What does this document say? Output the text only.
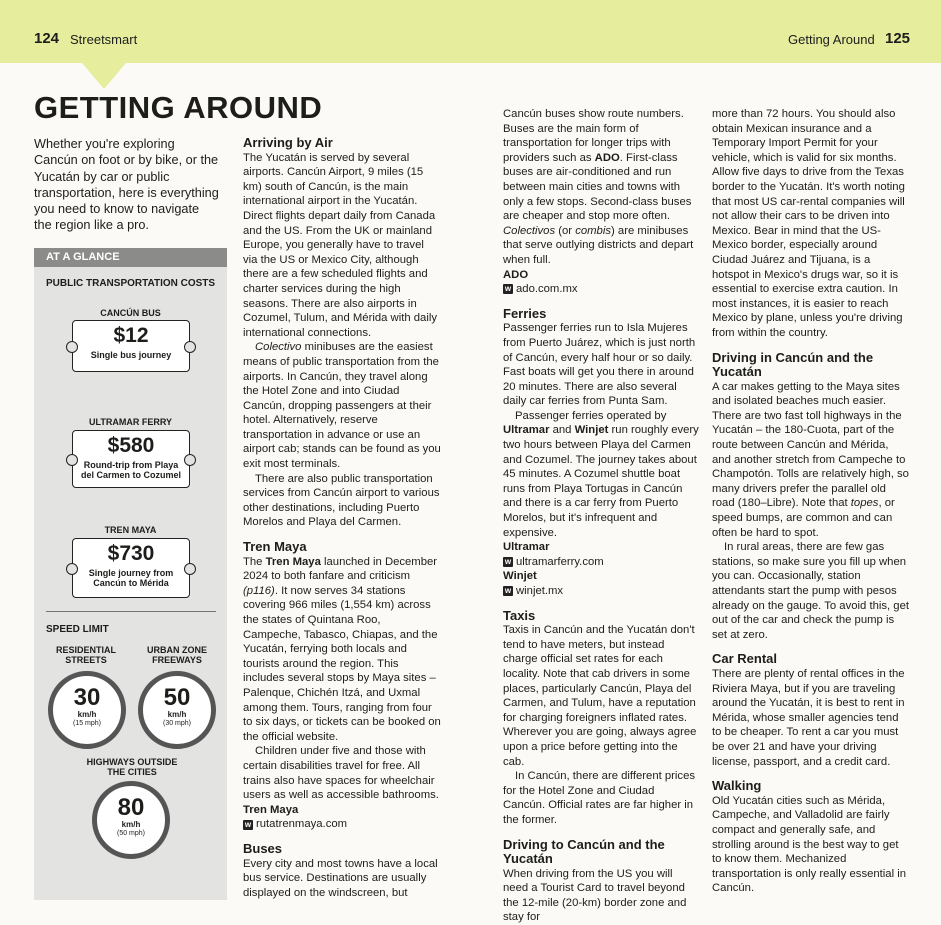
124 Streetsmart	Getting Around 125
GETTING AROUND
Whether you're exploring Cancún on foot or by bike, or the Yucatán by car or public transportation, here is everything you need to know to navigate the region like a pro.
AT A GLANCE
PUBLIC TRANSPORTATION COSTS
CANCÚN BUS
$12
Single bus journey
ULTRAMAR FERRY
$580
Round-trip from Playa del Carmen to Cozumel
TREN MAYA
$730
Single journey from Cancún to Mérida
SPEED LIMIT
RESIDENTIAL STREETS
30
km/h
(15 mph)
URBAN ZONE FREEWAYS
50
km/h
(30 mph)
HIGHWAYS OUTSIDE THE CITIES
80
km/h
(50 mph)
Arriving by Air

The Yucatán is served by several airports. Cancún Airport, 9 miles (15 km) south of Cancún, is the main international airport in the Yucatán. Direct flights depart daily from Canada and the US. From the UK or mainland Europe, you generally have to travel via the US or Mexico City, although there are a few scheduled flights and charter services during the high seasons. There are also airports in Cozumel, Tulum, and Mérida with daily international connections.

Colectivo minibuses are the easiest means of public transportation from the airports. In Cancún, they travel along the Hotel Zone and into Ciudad Cancún, dropping passengers at their hotel. Alternatively, reserve transportation in advance or use an airport cab; stands can be found as you exit most terminals.

There are also public transportation services from Cancún airport to various other destinations, including Puerto Morelos and Playa del Carmen.

Tren Maya

The Tren Maya launched in December 2024 to both fanfare and criticism (p116). It now serves 34 stations covering 966 miles (1,554 km) across the states of Quintana Roo, Campeche, Tabasco, Chiapas, and the Yucatán, ferrying both locals and tourists around the region. This includes several stops by Maya sites – Palenque, Chichén Itzá, and Uxmal among them. Tours, ranging from four to six days, or tickets can be booked on the official website.

Children under five and those with certain disabilities travel for free. All trains also have spaces for wheelchair users as well as accessible bathrooms.

Tren Maya

w rutatrenmaya.com

Buses

Every city and most towns have a local bus service. Destinations are usually displayed on the windscreen, but

Cancún buses show route numbers. Buses are the main form of transportation for longer trips with providers such as ADO. First-class buses are air-conditioned and run between main cities and towns with only a few stops. Second-class buses are cheaper and stop more often. Colectivos (or combis) are minibuses that serve outlying districts and depart when full.

ADO

w ado.com.mx

Ferries

Passenger ferries run to Isla Mujeres from Puerto Juárez, which is just north of Cancún, every half hour or so daily. Fast boats will get you there in around 20 minutes. There are also several daily car ferries from Punta Sam.

Passenger ferries operated by Ultramar and Winjet run roughly every two hours between Playa del Carmen and Cozumel. The journey takes about 45 minutes. A Cozumel shuttle boat runs from Playa Tortugas in Cancún and there is a car ferry from Puerto Morelos, but it's infrequent and expensive.

Ultramar

w ultramarferry.com

Winjet

w winjet.mx

Taxis

Taxis in Cancún and the Yucatán don't tend to have meters, but instead charge official set rates for each locality. Note that cab drivers in some places, particularly Cancún, Playa del Carmen, and Tulum, have a reputation for charging foreigners inflated rates. Wherever you are going, always agree upon a price before getting into the cab.

In Cancún, there are different prices for the Hotel Zone and Ciudad Cancún. Official rates are far higher in the former.

Driving to Cancún and the Yucatán

When driving from the US you will need a Tourist Card to travel beyond the 12-mile (20-km) border zone and stay for

more than 72 hours. You should also obtain Mexican insurance and a Temporary Import Permit for your vehicle, which is valid for six months. Allow five days to drive from the Texas border to the Yucatán. It's worth noting that most US car-rental companies will not allow their cars to be driven into Mexico. Bear in mind that the US-Mexico border, especially around Ciudad Juárez and Tijuana, is a hotspot in Mexico's drugs war, so it is essential to exercise extra caution. In most instances, it is easier to reach Mexico by plane, unless you're driving from within the country.

Driving in Cancún and the Yucatán

A car makes getting to the Maya sites and isolated beaches much easier. There are two fast toll highways in the Yucatán – the 180-Cuota, part of the route between Cancún and Mérida, and another stretch from Campeche to Champotón. Tolls are relatively high, so many drivers prefer the parallel old road (180–Libre). Note that topes, or speed bumps, are common and can often be hard to spot.

In rural areas, there are few gas stations, so make sure you fill up when you can. Occasionally, station attendants start the pump with pesos already on the gauge. To avoid this, get out of the car and check the pump is set at zero.

Car Rental

There are plenty of rental offices in the Riviera Maya, but if you are traveling around the Yucatán, it is best to rent in Mérida, whose smaller agencies tend to be cheaper. To rent a car you must be over 21 and have your driving license, passport, and a credit card.

Walking

Old Yucatán cities such as Mérida, Campeche, and Valladolid are fairly compact and generally safe, and strolling around is the best way to get to know them. Mechanized transportation is only really essential in Cancún.
